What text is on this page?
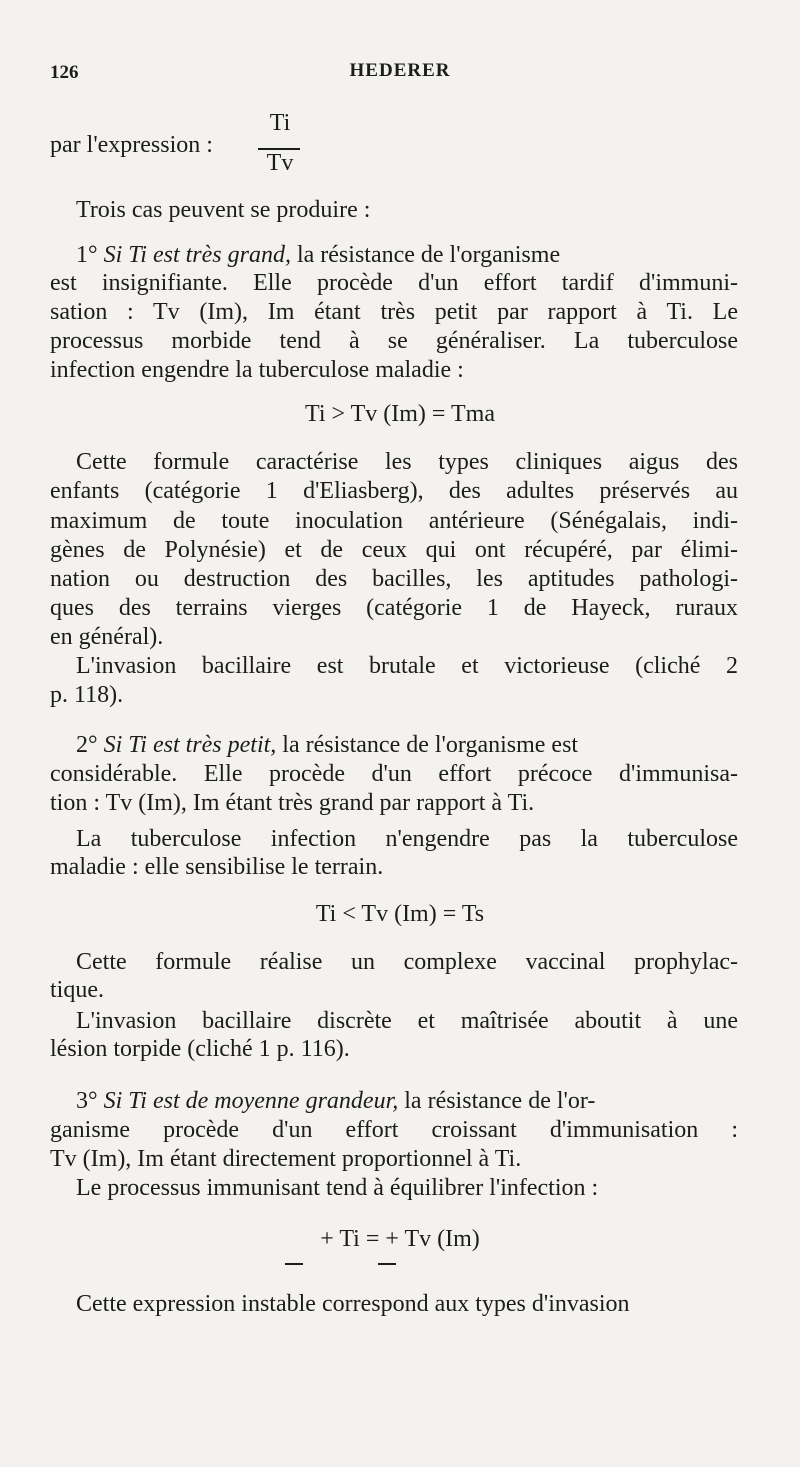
126	HEDERER
Ti
Tv
par l'expression :
Trois cas peuvent se produire :
1° Si Ti est très grand, la résistance de l'organisme
est insignifiante. Elle procède d'un effort tardif d'immuni-
sation : Tv (Im), Im étant très petit par rapport à Ti. Le
processus morbide tend à se généraliser. La tuberculose
infection engendre la tuberculose maladie :
Ti > Tv (Im) = Tma
Cette formule caractérise les types cliniques aigus des
enfants (catégorie 1 d'Eliasberg), des adultes préservés au
maximum de toute inoculation antérieure (Sénégalais, indi-
gènes de Polynésie) et de ceux qui ont récupéré, par élimi-
nation ou destruction des bacilles, les aptitudes pathologi-
ques des terrains vierges (catégorie 1 de Hayeck, ruraux
en général).
L'invasion bacillaire est brutale et victorieuse (cliché 2
p. 118).
2° Si Ti est très petit, la résistance de l'organisme est
considérable. Elle procède d'un effort précoce d'immunisa-
tion : Tv (Im), Im étant très grand par rapport à Ti.
La tuberculose infection n'engendre pas la tuberculose
maladie : elle sensibilise le terrain.
Ti < Tv (Im) = Ts
Cette formule réalise un complexe vaccinal prophylac-
tique.
L'invasion bacillaire discrète et maîtrisée aboutit à une
lésion torpide (cliché 1 p. 116).
3° Si Ti est de moyenne grandeur, la résistance de l'or-
ganisme procède d'un effort croissant d'immunisation :
Tv (Im), Im étant directement proportionnel à Ti.
Le processus immunisant tend à équilibrer l'infection :
+ Ti = + Tv (Im)
Cette expression instable correspond aux types d'invasion
